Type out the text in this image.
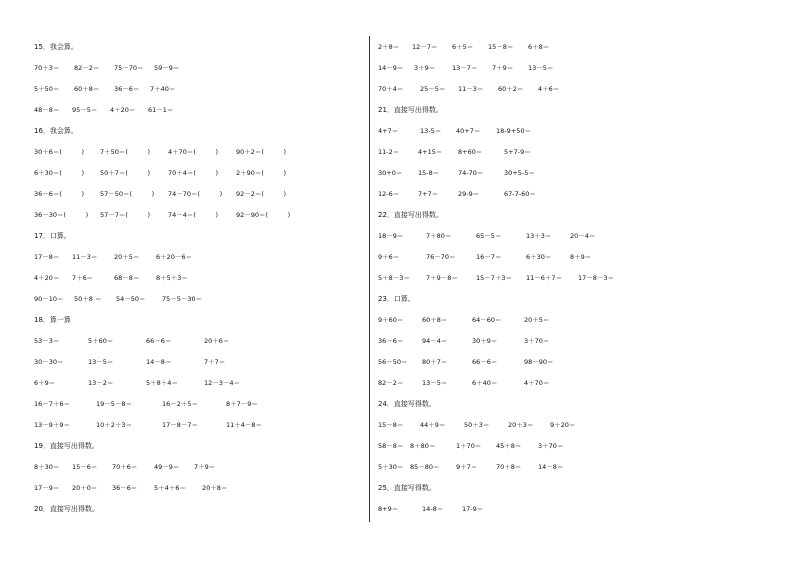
15．我会算。
70＋3＝ 82－2＝ 75－70＝ 59－9＝
5＋50＝ 60＋8＝ 36－6＝ 7＋40＝
48－8＝ 95－5＝ 4＋20＝ 61－1＝
16．我会算。
30＋6＝(　　　) 7＋50＝(　　　)	4＋70＝(　　　)	90＋2＝(　　　)
6＋30＝(　　　) 50＋7＝(　　　)	70＋4＝(　　　)	2＋90＝(　　　)
36－6＝(　　　) 57－50＝(　　　) 74－70＝(　　　) 92－2＝(　　　)
36－30＝(　　　) 57－7＝(　　　)	74－4＝(　　　)	92－90＝(　　　)
17．口算。
17－8＝ 11－3＝	20＋5＝	6＋20－6＝
4＋20＝ 7＋6＝	68－8＝	8＋5＋3＝
90－10＝ 50＋8 ＝ 54－50＝	75－5－30＝
18．算一算
53－3＝	5＋60＝	66－6＝	20＋6＝
30－30＝	13－5＝	14－8＝	7＋7＝
6＋9＝	13－2＝	5＋8＋4＝	12－3－4＝
16－7＋6＝	19－5－8＝	16－2＋5＝	8＋7－9＝
13－9＋9＝	10＋2＋3＝	17－8－7＝	11＋4－8＝
19．直接写出得数。
8＋30＝ 15－6＝ 70＋6＝	49－9＝ 7＋9＝
17－9＝ 20＋0＝ 36－6＝	5＋4＋6＝ 20＋8＝
20．直接写出得数。
2＋8＝ 12－7＝ 6＋5＝ 15－8＝ 6＋8＝
14－9＝ 3＋9＝	13－7＝ 7＋9＝ 13－5＝
70＋4＝	25－5＝ 11－3＝ 60＋2＝ 4＋6＝
21．直接写出得数。
4+7＝	13-5＝ 40+7＝ 18-9+50＝
11-2＝	4+15＝ 8+60＝	5+7-9＝
30+0＝ 15-8＝	74-70＝	30+5-5＝
12-6＝	7+7＝	29-9＝	67-7-60＝
22．直接写出得数。
18－9＝	7＋80＝	65－5＝	13＋3＝	20－4＝
9＋6＝	76－70＝	16－7＝	6＋30＝	8＋9＝
5＋8－3＝ 7＋9－8＝	15－7＋3＝ 11－6＋7＝ 17－8－3＝
23．口算。
9＋60＝	60＋8＝	64－60＝	20＋5＝
36－6＝	94－4＝	30＋9＝	3＋70＝
56－50＝ 80＋7＝	66－6＝	98－90＝
82－2＝	13－5＝	6＋40＝	4＋70＝
24．直接写得数。
15－8＝	44＋9＝	50＋3＝	20＋3＝	9＋20＝
58－8＝ 8＋80＝	1＋70＝ 45＋8＝	3＋70＝
5＋30＝ 85－80＝	9＋7＝	70＋8＝	14－8＝
25．直接写得数。
8+9＝	14-8＝	17-9＝
